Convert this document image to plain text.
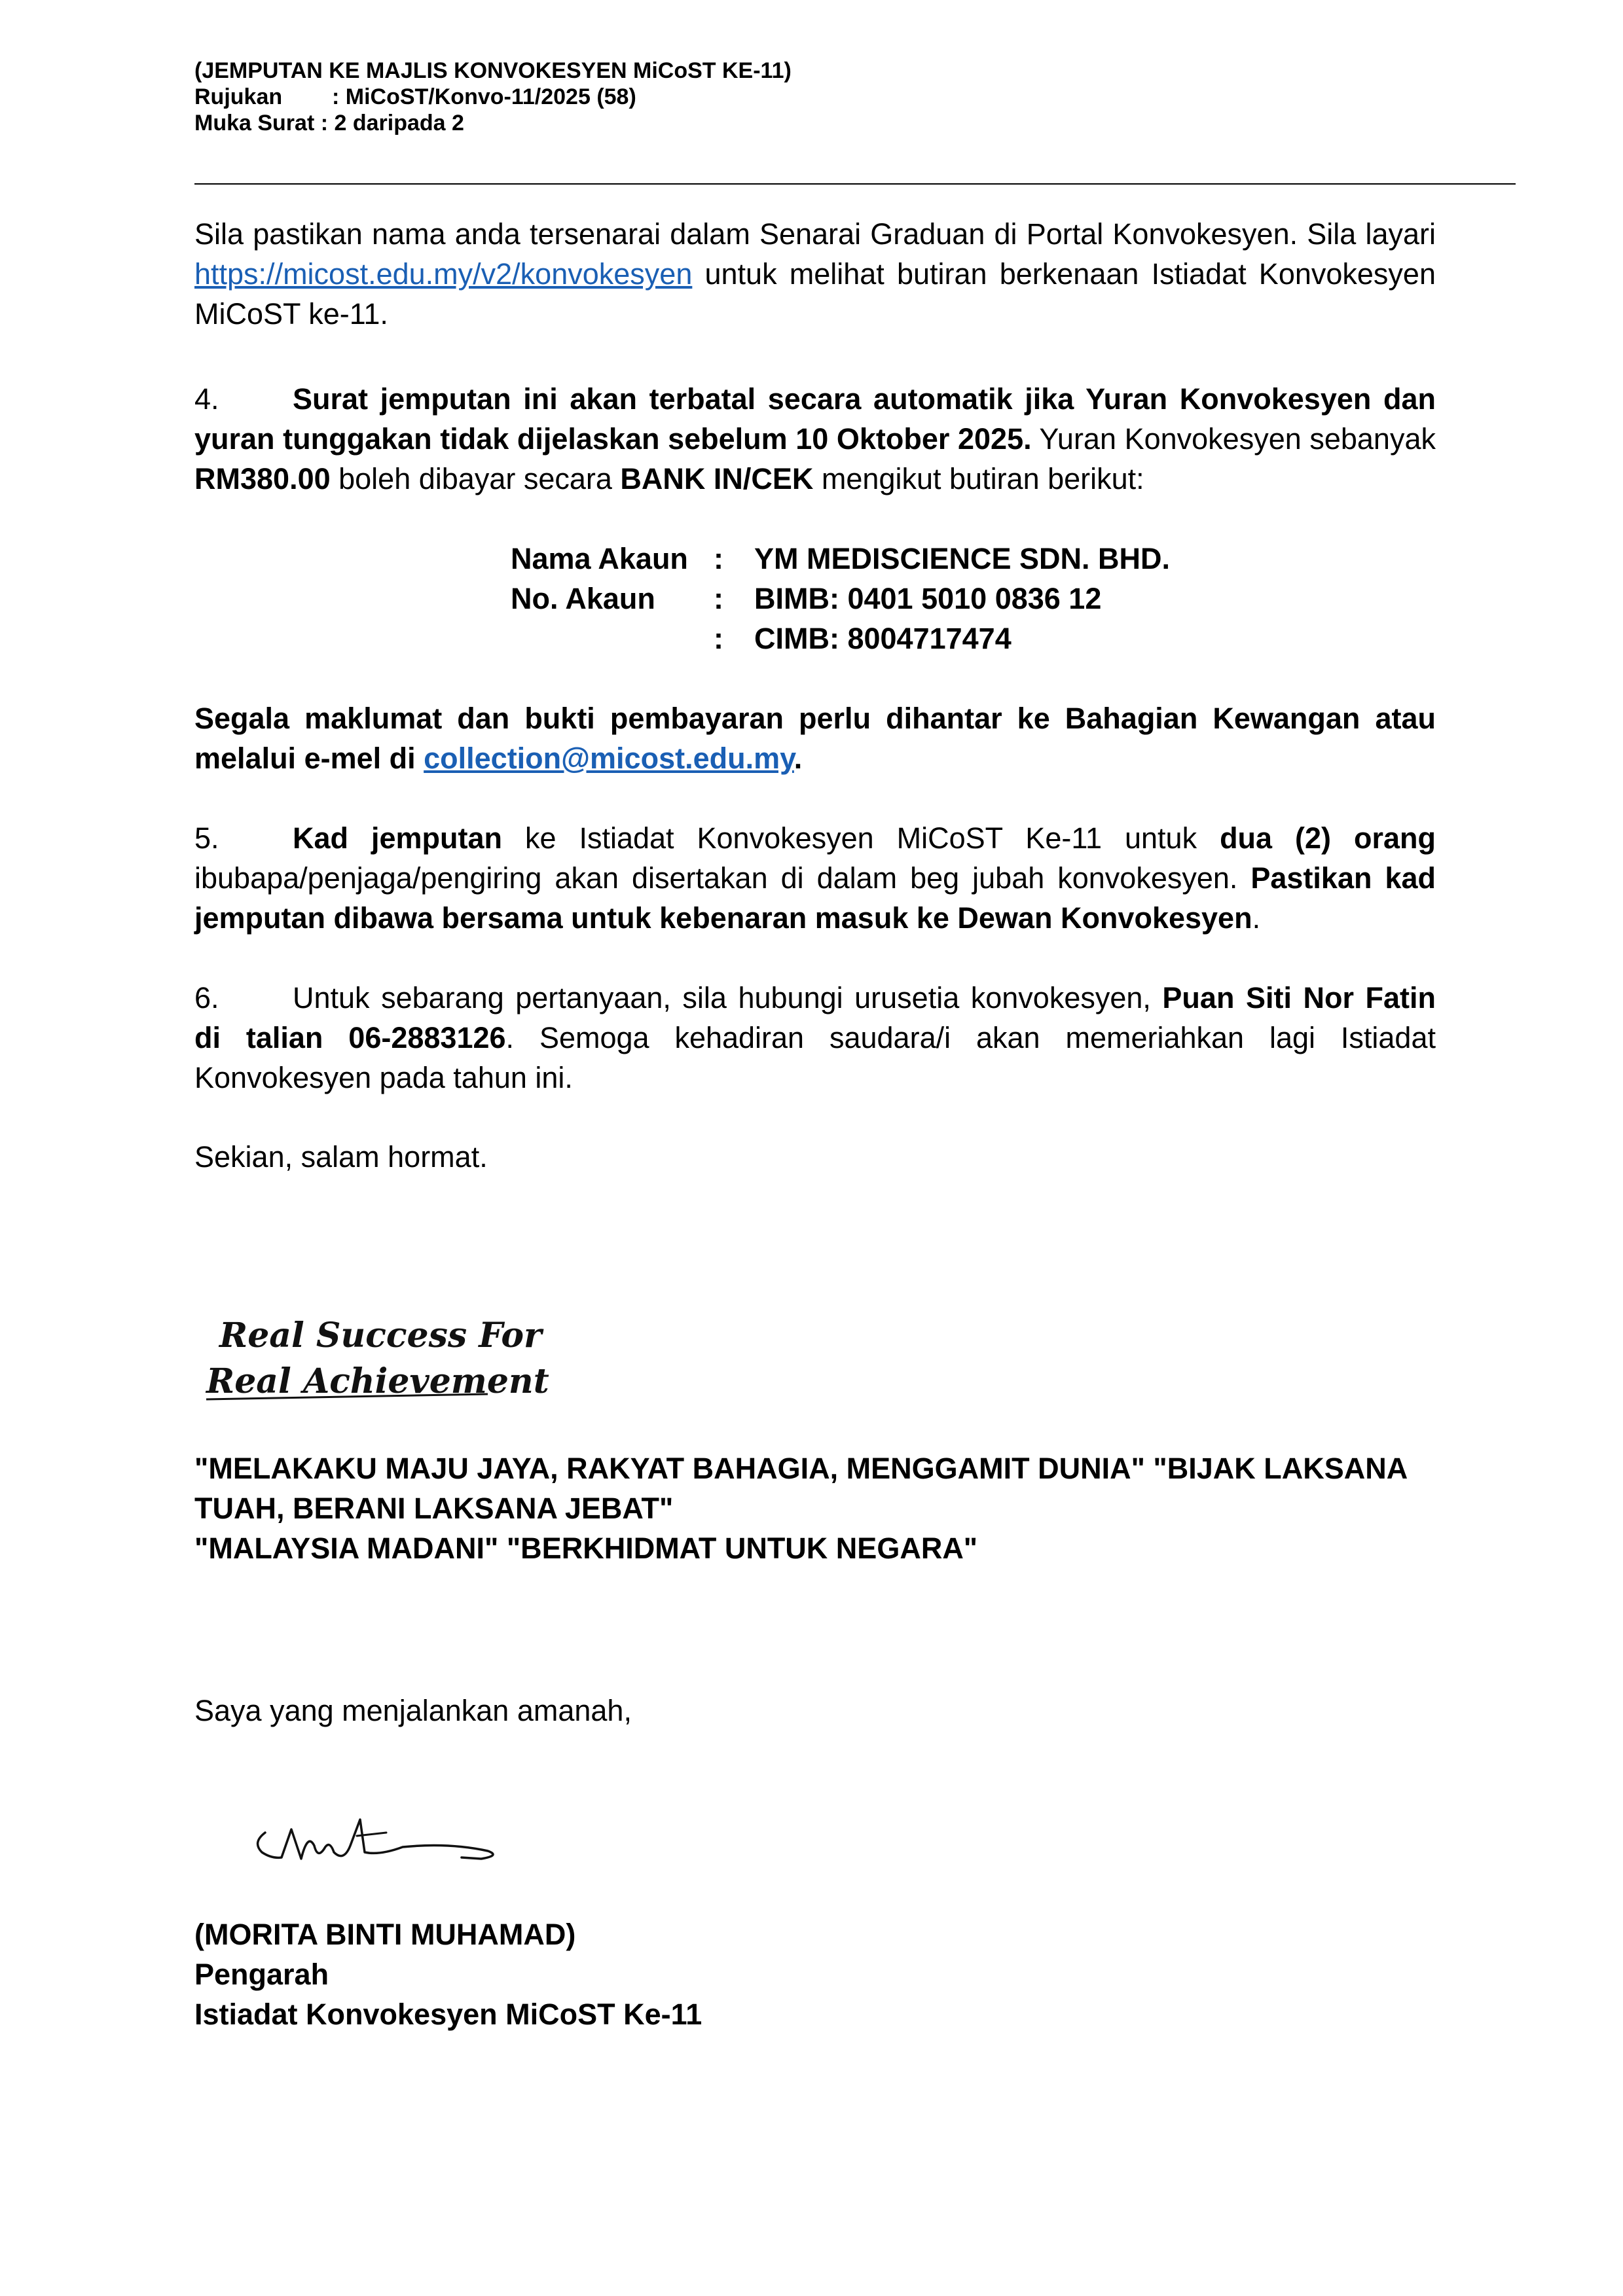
(JEMPUTAN KE MAJLIS KONVOKESYEN MiCoST KE-11)
Rujukan : MiCoST/Konvo-11/2025 (58)
Muka Surat : 2 daripada 2
Sila pastikan nama anda tersenarai dalam Senarai Graduan di Portal Konvokesyen. Sila layari https://micost.edu.my/v2/konvokesyen untuk melihat butiran berkenaan Istiadat Konvokesyen MiCoST ke-11.
4. Surat jemputan ini akan terbatal secara automatik jika Yuran Konvokesyen dan yuran tunggakan tidak dijelaskan sebelum 10 Oktober 2025. Yuran Konvokesyen sebanyak RM380.00 boleh dibayar secara BANK IN/CEK mengikut butiran berikut:
Nama Akaun : YM MEDISCIENCE SDN. BHD.
No. Akaun : BIMB: 0401 5010 0836 12
: CIMB: 8004717474
Segala maklumat dan bukti pembayaran perlu dihantar ke Bahagian Kewangan atau melalui e-mel di collection@micost.edu.my.
5. Kad jemputan ke Istiadat Konvokesyen MiCoST Ke-11 untuk dua (2) orang ibubapa/penjaga/pengiring akan disertakan di dalam beg jubah konvokesyen. Pastikan kad jemputan dibawa bersama untuk kebenaran masuk ke Dewan Konvokesyen.
6. Untuk sebarang pertanyaan, sila hubungi urusetia konvokesyen, Puan Siti Nor Fatin di talian 06-2883126. Semoga kehadiran saudara/i akan memeriahkan lagi Istiadat Konvokesyen pada tahun ini.
Sekian, salam hormat.
Real Success For
Real Achievement
"MELAKAKU MAJU JAYA, RAKYAT BAHAGIA, MENGGAMIT DUNIA" "BIJAK LAKSANA TUAH, BERANI LAKSANA JEBAT"
"MALAYSIA MADANI" "BERKHIDMAT UNTUK NEGARA"
Saya yang menjalankan amanah,
(MORITA BINTI MUHAMAD)
Pengarah
Istiadat Konvokesyen MiCoST Ke-11
